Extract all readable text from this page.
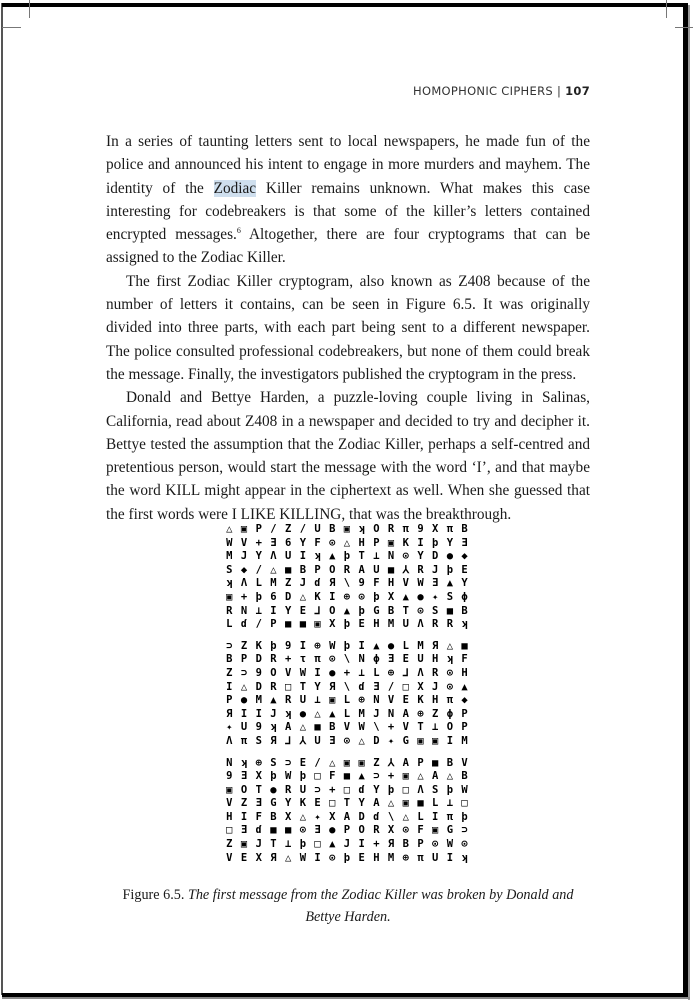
HOMOPHONIC CIPHERS | 107

In a series of taunting letters sent to local newspapers, he made fun of the police and announced his intent to engage in more murders and mayhem. The identity of the Zodiac Killer remains unknown. What makes this case interesting for codebreakers is that some of the killer’s letters contained encrypted messages.$^6$ Altogether, there are four cryptograms that can be assigned to the Zodiac Killer.

The first Zodiac Killer cryptogram, also known as Z408 because of the number of letters it contains, can be seen in Figure 6.5. It was originally divided into three parts, with each part being sent to a different newspaper. The police consulted professional codebreakers, but none of them could break the message. Finally, the investigators published the cryptogram in the press.

Donald and Bettye Harden, a puzzle-loving couple living in Salinas, California, read about Z408 in a newspaper and decided to try and decipher it. Bettye tested the assumption that the Zodiac Killer, perhaps a self-centred and pretentious person, would start the message with the word ‘I’, and that maybe the word KILL might appear in the ciphertext as well. When she guessed that the first words were I LIKE KILLING, that was the breakthrough.

△ ▣ P / Z / U B ▣ ʞ O R π 9 X π B
W V + Ǝ 6 Y F ⊙ △ H P ▣ K I þ Y Ǝ
M J Y Λ U I ʞ ▲ þ T ⊥ N ⊙ Y D ● ◆
S ◆ / △ ■ B P O R A U ■ ⅄ R J þ E
ʞ Λ L M Z J ɗ Я \ 9 F H V W Ǝ ▲ Y
▣ + þ 6 D △ K I ⊕ ⊙ þ X ▲ ● ✦ S ϕ
R N ⊥ I Y E ⅃ O ▲ þ G B T ⊙ S ■ B
L ɗ / P ■ ■ ▣ X þ E H M U Λ R R ʞ
⊃ Z K þ 9 I ⊕ W þ I ▲ ● L M Я △ ■
B P D R + τ π ⊙ \ N ϕ Ǝ E U H ʞ F
Z ⊃ 9 O V W I ● + ⊥ L ⊕ ⅃ Λ R ⊙ H
I △ D R □ T Y Я \ ɗ Ǝ / □ X J ⊙ ▲
P ● M ▲ R U ⊥ ▣ L ⊕ N V E K H π ◆
Я I I J ʞ ● △ ▲ L M J N A ⊕ Z ϕ P
✦ U 9 ʞ A △ ■ B V W \ + V T ⊥ O P
Λ π S Я ⅃ ⅄ U Ǝ ⊙ △ D ✦ G ▣ ▣ I M
N ʞ ⊕ S ⊃ E / △ ▣ ▣ Z ⅄ A P ■ B V
9 Ǝ X þ W þ □ F ■ ▲ ⊃ + ▣ △ A △ B
▣ O T ● R U ⊃ + □ ɗ Y þ □ Λ S þ W
V Z Ǝ G Y K E □ T Y A △ ▣ ■ L ⊥ □
H I F B X △ ✦ X A D ɗ \ △ L I π þ
□ Ǝ ɗ ■ ■ ⊙ Ǝ ● P O R X ⊙ F ▣ G ⊃
Z ▣ J T ⊥ þ □ ▲ J I + Я B P ⊙ W ⊙
V E X Я △ W I ⊙ þ E H M ⊕ π U I ʞ
Figure 6.5. The first message from the Zodiac Killer was broken by Donald and Bettye Harden.
